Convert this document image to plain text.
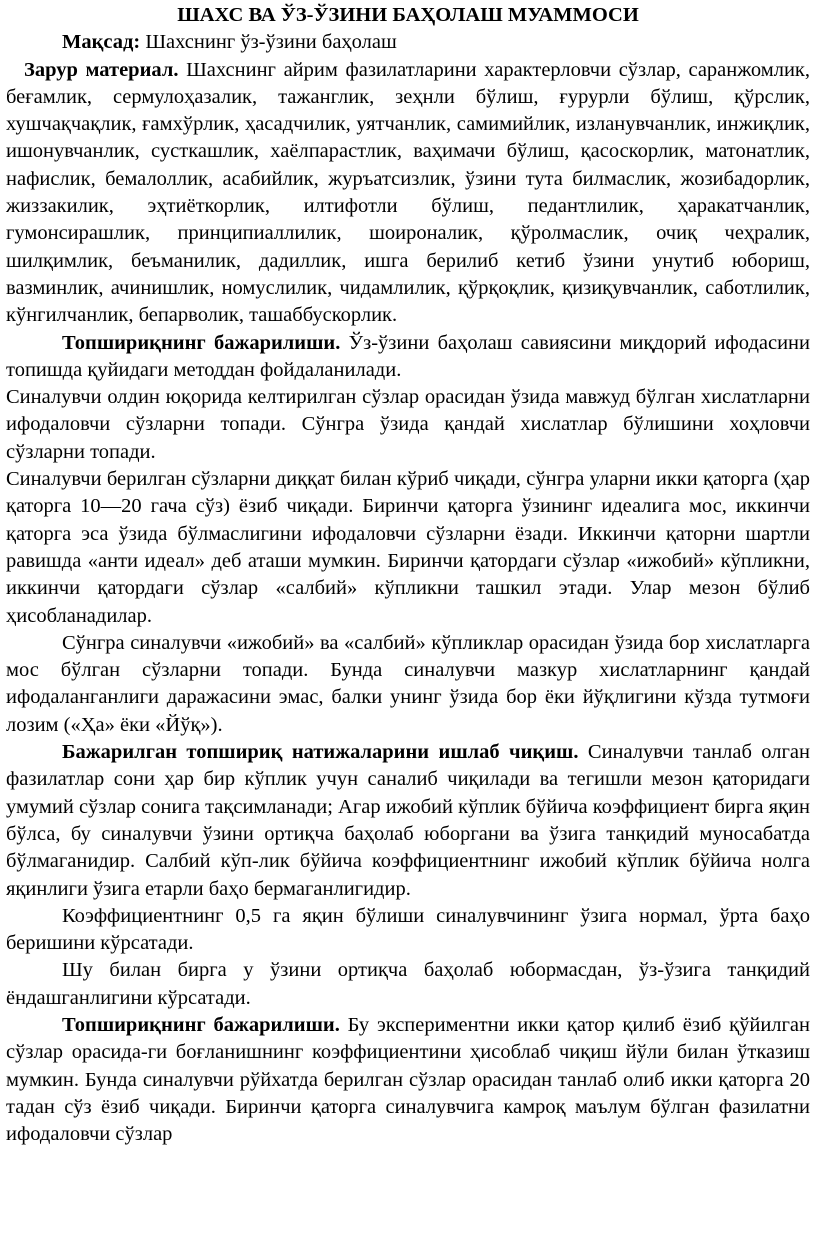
ШАХС ВА ЎЗ-ЎЗИНИ БАҲОЛАШ МУАММОСИ

Мақсад: Шахснинг ўз-ўзини баҳолаш

Зарур материал. Шахснинг айрим фазилатларини характерловчи сўзлар, саранжомлик, беғамлик, сермулоҳазалик, тажанглик, зеҳнли бўлиш, ғурурли бўлиш, қўрслик, хушчақчақлик, ғамхўрлик, ҳасадчилик, уятчанлик, самимийлик, изланувчанлик, инжиқлик, ишонувчанлик, сусткашлик, хаёлпарастлик, ваҳимачи бўлиш, қасоскорлик, матонатлик, нафислик, бемалоллик, асабийлик, журъатсизлик, ўзини тута билмаслик, жозибадорлик, жиззакилик, эҳтиёткорлик, илтифотли бўлиш, педантлилик, ҳаракатчанлик, гумонсирашлик, принципиаллилик, шоироналик, қўролмаслик, очиқ чеҳралик, шилқимлик, беъманилик, дадиллик, ишга берилиб кетиб ўзини унутиб юбориш, вазминлик, ачинишлик, номуслилик, чидамлилик, қўрқоқлик, қизиқувчанлик, саботлилик, кўнгилчанлик, бепарволик, ташаббускорлик.

Топшириқнинг бажарилиши. Ўз-ўзини баҳолаш савиясини миқдорий ифодасини топишда қуйидаги методдан фойдаланилади.

Синалувчи олдин юқорида келтирилган сўзлар орасидан ўзида мавжуд бўлган хислатларни ифодаловчи сўзларни топади. Сўнгра ўзида қандай хислатлар бўлишини хоҳловчи сўзларни топади.

Синалувчи берилган сўзларни диққат билан кўриб чиқади, сўнгра уларни икки қаторга (ҳар қаторга 10—20 гача сўз) ёзиб чиқади. Биринчи қаторга ўзининг идеалига мос, иккинчи қаторга эса ўзида бўлмаслигини ифодаловчи сўзларни ёзади. Иккинчи қаторни шартли равишда «анти идеал» деб аташи мумкин. Биринчи қатордаги сўзлар «ижобий» кўпликни, иккинчи қатордаги сўзлар «салбий» кўпликни ташкил этади. Улар мезон бўлиб ҳисобланадилар.

Сўнгра синалувчи «ижобий» ва «салбий» кўпликлар орасидан ўзида бор хислатларга мос бўлган сўзларни топади. Бунда синалувчи мазкур хислатларнинг қандай ифодаланганлиги даражасини эмас, балки унинг ўзида бор ёки йўқлигини кўзда тутмоғи лозим («Ҳа» ёки «Йўқ»).

Бажарилган топшириқ натижаларини ишлаб чиқиш. Синалувчи танлаб олган фазилатлар сони ҳар бир кўплик учун саналиб чиқилади ва тегишли мезон қаторидаги умумий сўзлар сонига тақсимланади; Агар ижобий кўплик бўйича коэффициент бирга яқин бўлса, бу синалувчи ўзини ортиқча баҳолаб юборгани ва ўзига танқидий муносабатда бўлмаганидир. Салбий кўп-лик бўйича коэффициентнинг ижобий кўплик бўйича нолга яқинлиги ўзига етарли баҳо бермаганлигидир.

Коэффициентнинг 0,5 га яқин бўлиши синалувчининг ўзига нормал, ўрта баҳо беришини кўрсатади.

Шу билан бирга у ўзини ортиқча баҳолаб юбормасдан, ўз-ўзига танқидий ёндашганлигини кўрсатади.

Топшириқнинг бажарилиши. Бу экспериментни икки қатор қилиб ёзиб қўйилган сўзлар орасида-ги боғланишнинг коэффициентини ҳисоблаб чиқиш йўли билан ўтказиш мумкин. Бунда синалувчи рўйхатда берилган сўзлар орасидан танлаб олиб икки қаторга 20 тадан сўз ёзиб чиқади. Биринчи қаторга синалувчига камроқ маълум бўлган фазилатни ифодаловчи сўзлар
